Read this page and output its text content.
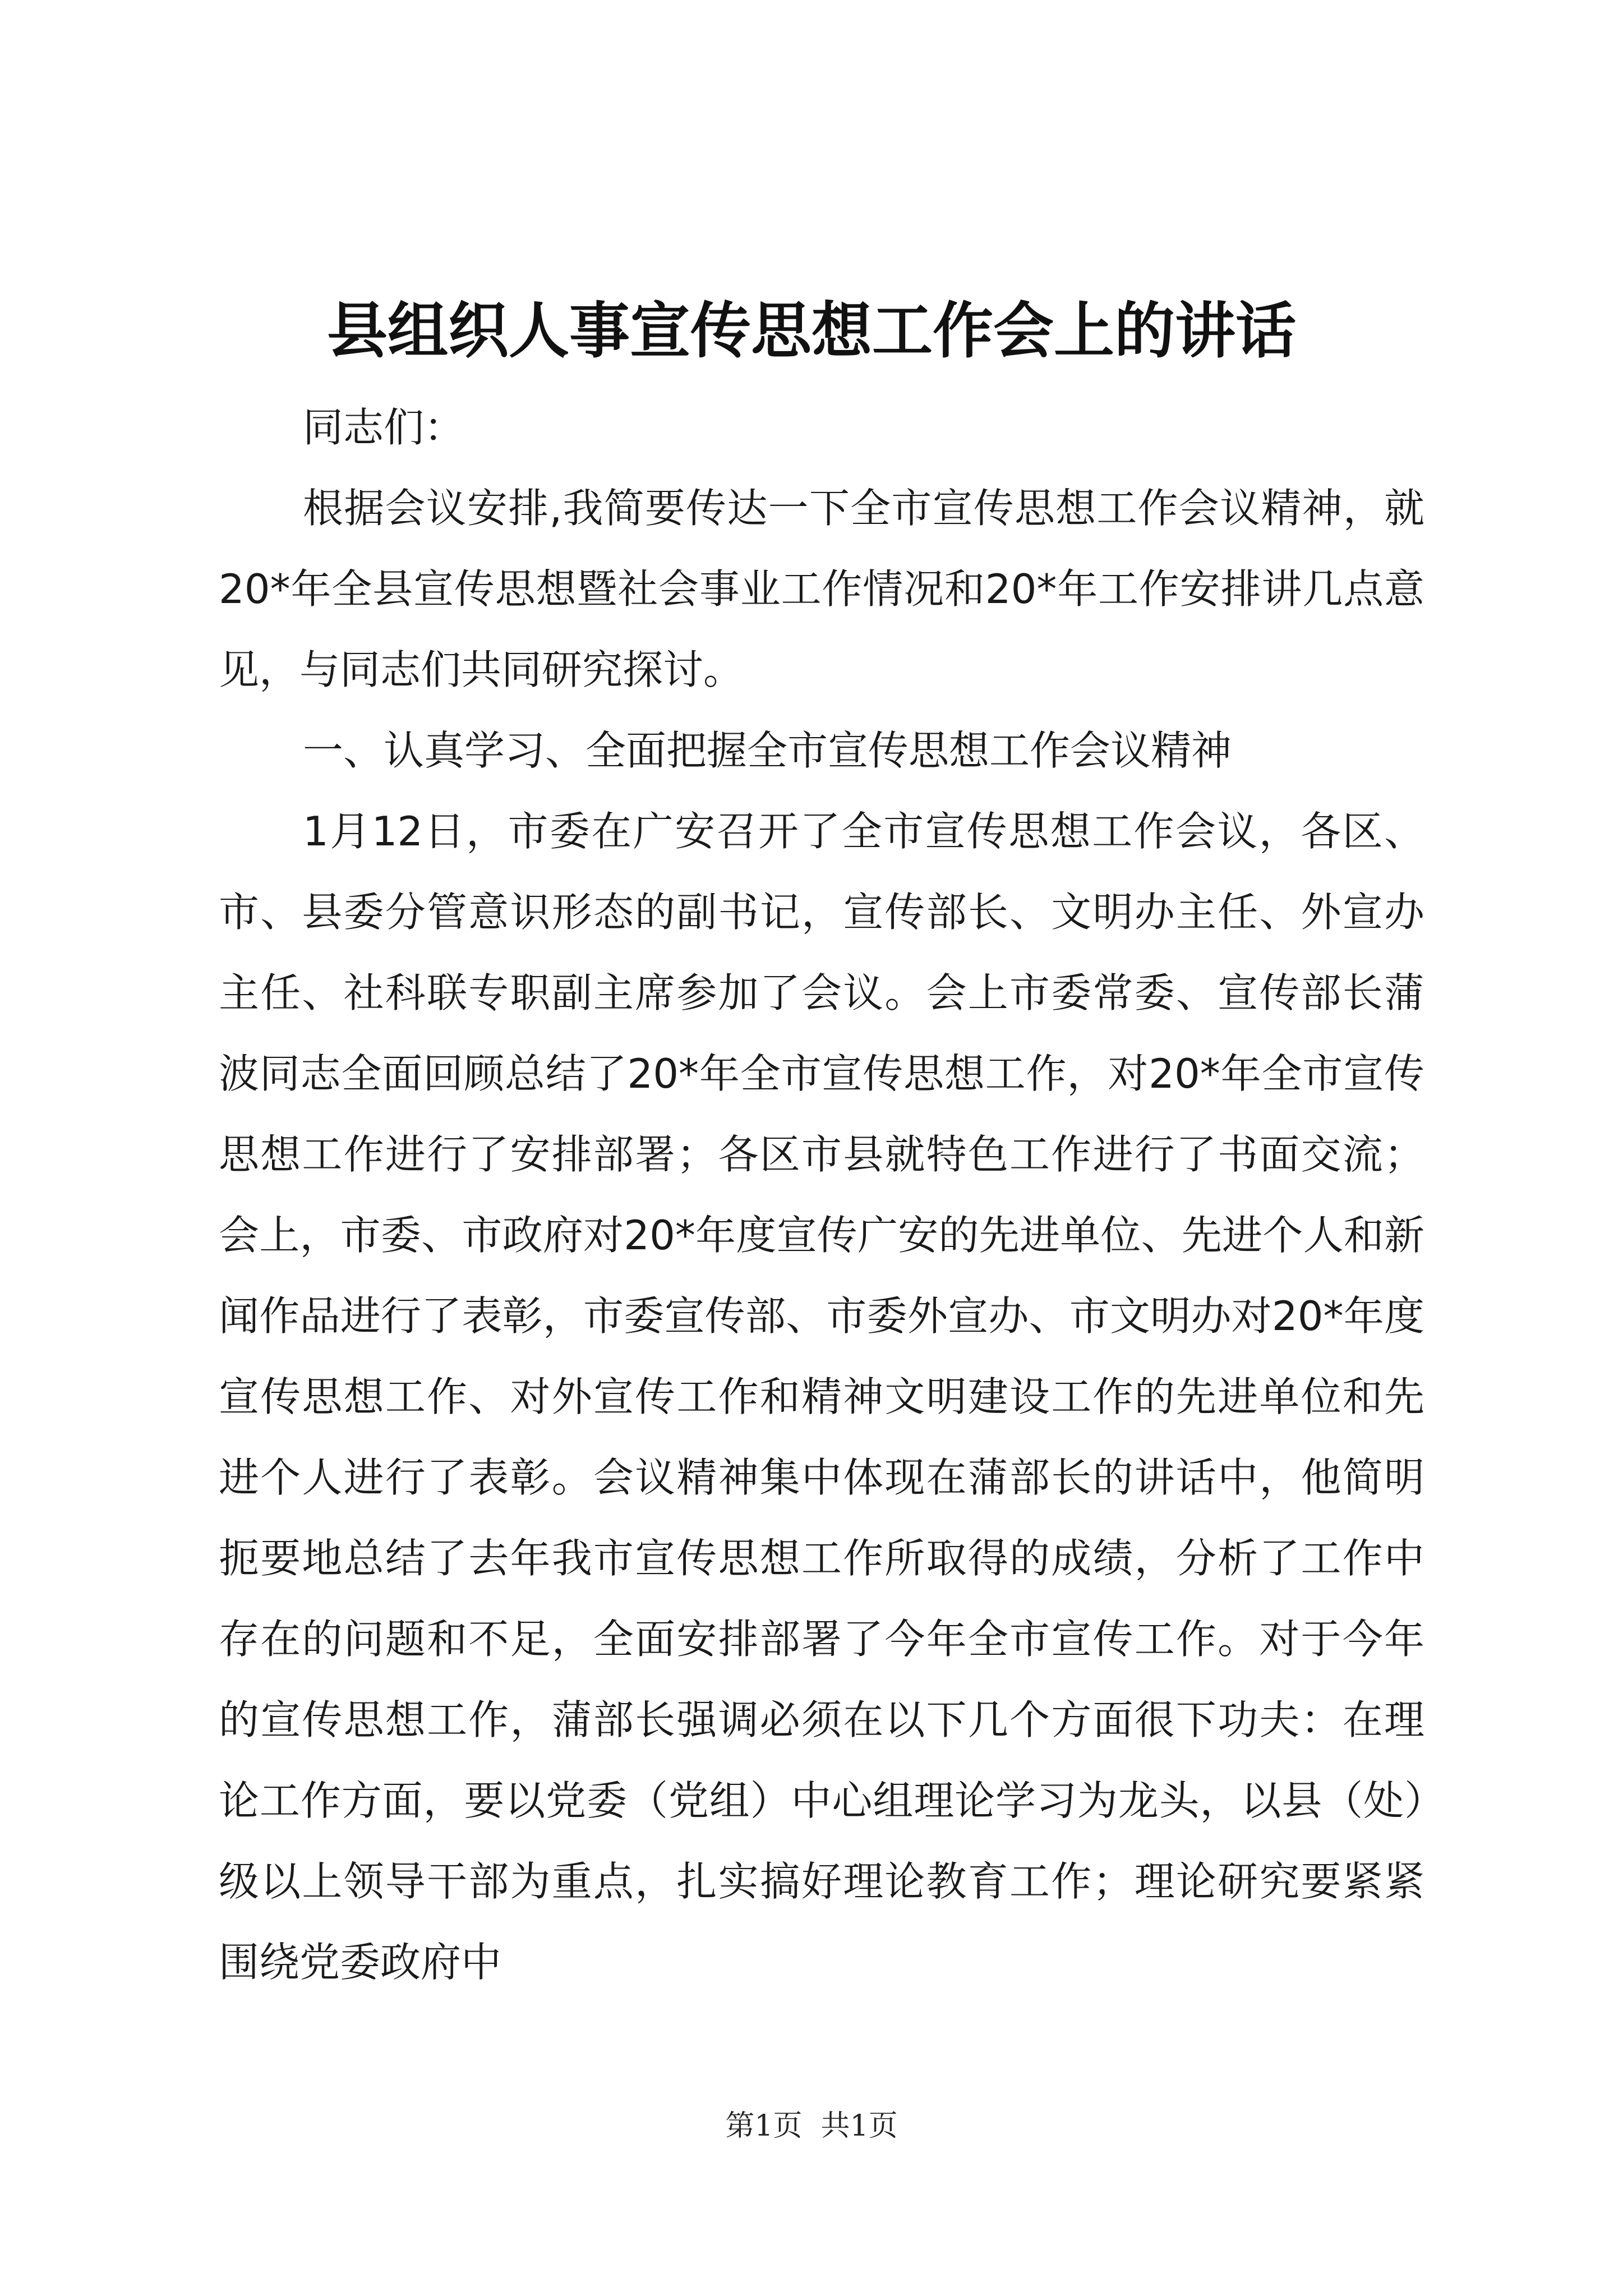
县组织人事宣传思想工作会上的讲话

同志们：

根据会议安排,我简要传达一下全市宣传思想工作会议精神，就20*年全县宣传思想暨社会事业工作情况和20*年工作安排讲几点意见，与同志们共同研究探讨。

一、认真学习、全面把握全市宣传思想工作会议精神

1月12日，市委在广安召开了全市宣传思想工作会议，各区、市、县委分管意识形态的副书记，宣传部长、文明办主任、外宣办主任、社科联专职副主席参加了会议。会上市委常委、宣传部长蒲波同志全面回顾总结了20*年全市宣传思想工作，对20*年全市宣传思想工作进行了安排部署；各区市县就特色工作进行了书面交流；会上，市委、市政府对20*年度宣传广安的先进单位、先进个人和新闻作品进行了表彰，市委宣传部、市委外宣办、市文明办对20*年度宣传思想工作、对外宣传工作和精神文明建设工作的先进单位和先进个人进行了表彰。会议精神集中体现在蒲部长的讲话中，他简明扼要地总结了去年我市宣传思想工作所取得的成绩，分析了工作中存在的问题和不足，全面安排部署了今年全市宣传工作。对于今年的宣传思想工作，蒲部长强调必须在以下几个方面很下功夫：在理论工作方面，要以党委（党组）中心组理论学习为龙头，以县（处）级以上领导干部为重点，扎实搞好理论教育工作；理论研究要紧紧围绕党委政府中

第1页  共1页
